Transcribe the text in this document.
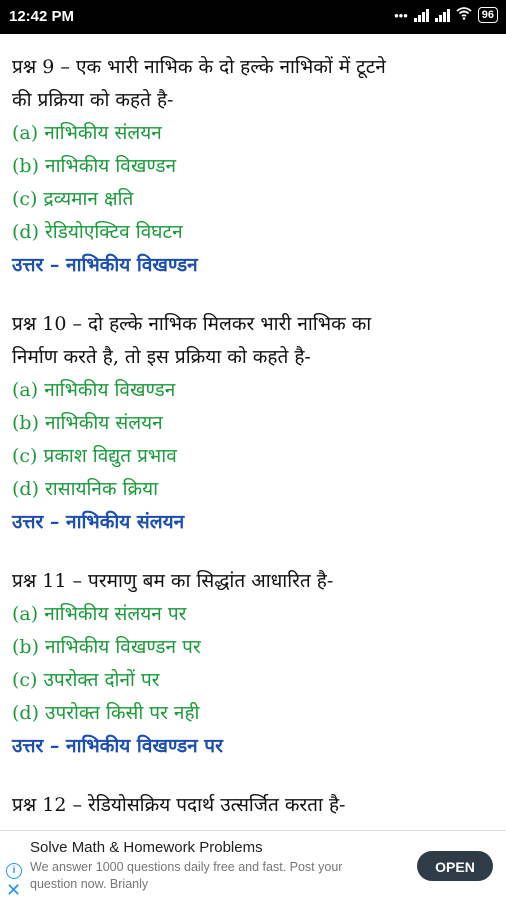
12:42 PM	•••	96
प्रश्न 9 – एक भारी नाभिक के दो हल्के नाभिकों में टूटने
की प्रक्रिया को कहते है-
(a) नाभिकीय संलयन
(b) नाभिकीय विखण्डन
(c) द्रव्यमान क्षति
(d) रेडियोएक्टिव विघटन
उत्तर – नाभिकीय विखण्डन
प्रश्न 10 – दो हल्के नाभिक मिलकर भारी नाभिक का
निर्माण करते है, तो इस प्रक्रिया को कहते है-
(a) नाभिकीय विखण्डन
(b) नाभिकीय संलयन
(c) प्रकाश विद्युत प्रभाव
(d) रासायनिक क्रिया
उत्तर – नाभिकीय संलयन
प्रश्न 11 – परमाणु बम का सिद्धांत आधारित है-
(a) नाभिकीय संलयन पर
(b) नाभिकीय विखण्डन पर
(c) उपरोक्त दोनों पर
(d) उपरोक्त किसी पर नही
उत्तर – नाभिकीय विखण्डन पर
प्रश्न 12 – रेडियोसक्रिय पदार्थ उत्सर्जित करता है-
i
✕
Solve Math & Homework Problems
We answer 1000 questions daily free and fast. Post your question now. Brianly
OPEN
